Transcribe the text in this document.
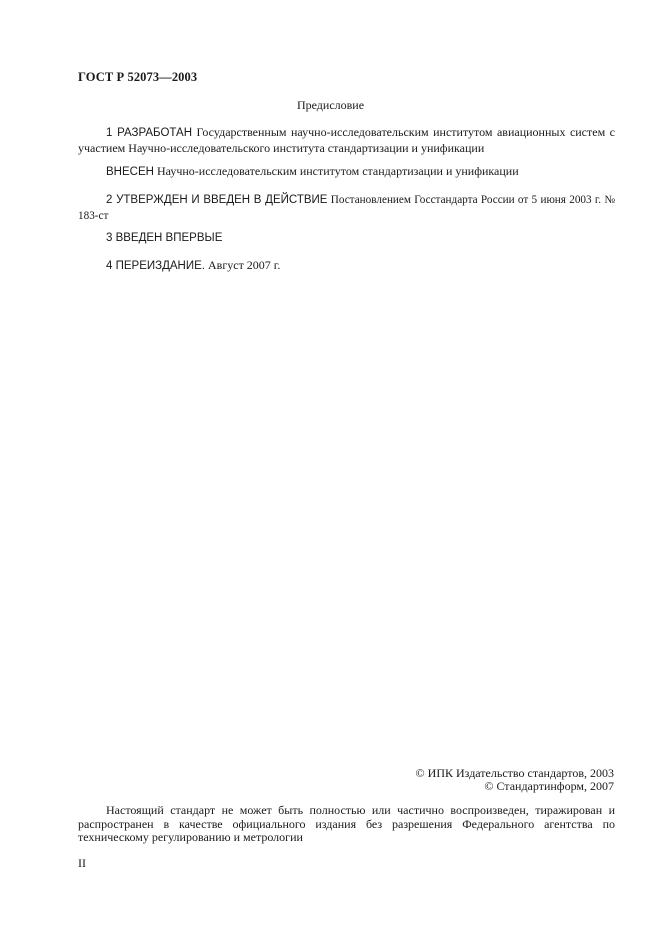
ГОСТ Р 52073—2003
Предисловие

1 РАЗРАБОТАН Государственным научно-исследовательским институтом авиационных систем с участием Научно-исследовательского института стандартизации и унификации

ВНЕСЕН Научно-исследовательским институтом стандартизации и унификации

2 УТВЕРЖДЕН И ВВЕДЕН В ДЕЙСТВИЕ Постановлением Госстандарта России от 5 июня 2003 г. № 183-ст

3 ВВЕДЕН ВПЕРВЫЕ

4 ПЕРЕИЗДАНИЕ. Август 2007 г.

© ИПК Издательство стандартов, 2003
© Стандартинформ, 2007

Настоящий стандарт не может быть полностью или частично воспроизведен, тиражирован и распространен в качестве официального издания без разрешения Федерального агентства по техническому регулированию и метрологии

II
